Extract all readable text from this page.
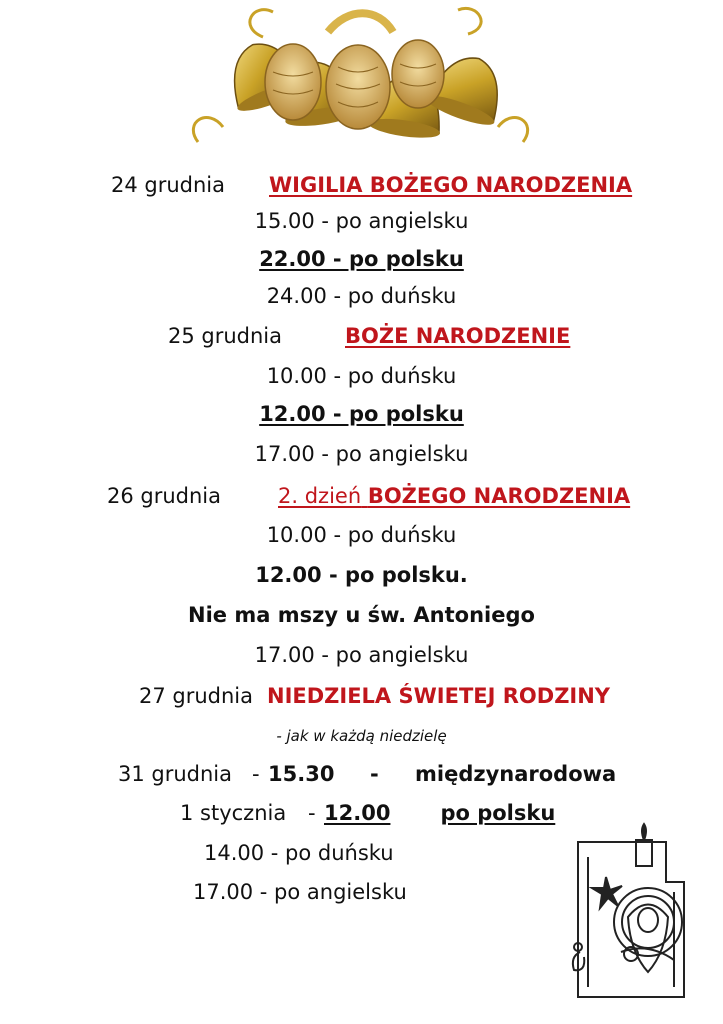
24 grudnia WIGILIA BOŻEGO NARODZENIA
15.00 - po angielsku
22.00 - po polsku
24.00 - po duńsku
25 grudnia	BOŻE NARODZENIE
10.00 - po duńsku
12.00 - po polsku
17.00 - po angielsku
26 grudnia	2. dzień BOŻEGO NARODZENIA
10.00 - po duńsku
12.00 - po polsku.
Nie ma mszy u św. Antoniego
17.00 - po angielsku
27 grudnia NIEDZIELA ŚWIETEJ RODZINY
- jak w każdą niedzielę
31 grudnia - 15.30 - międzynarodowa
1 stycznia - 12.00 po polsku
14.00 - po duńsku
17.00 - po angielsku
